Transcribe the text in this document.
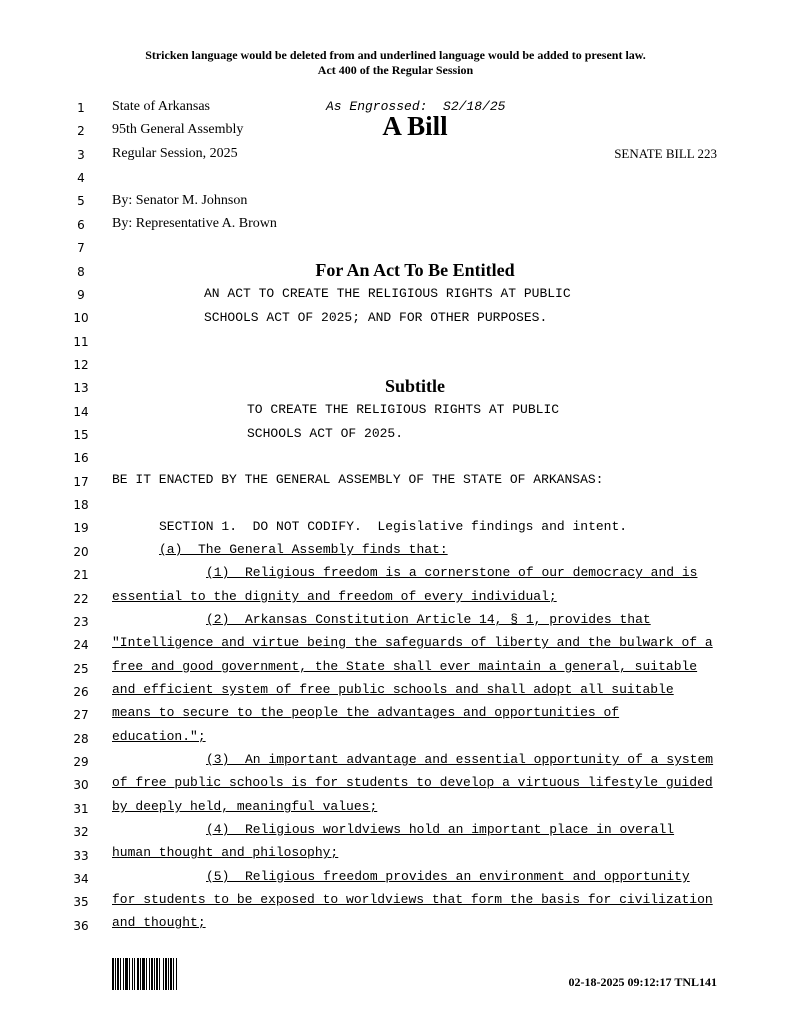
Stricken language would be deleted from and underlined language would be added to present law.
Act 400 of the Regular Session
1
2
3
4
5
6
7
8
9
10
11
12
13
14
15
16
17
18
19
20
21
22
23
24
25
26
27
28
29
30
31
32
33
34
35
36
State of Arkansas	As Engrossed:  S2/18/25
95th General Assembly	A Bill
Regular Session, 2025	SENATE BILL 223
By: Senator M. Johnson
By: Representative A. Brown
For An Act To Be Entitled
AN ACT TO CREATE THE RELIGIOUS RIGHTS AT PUBLIC
SCHOOLS ACT OF 2025; AND FOR OTHER PURPOSES.
Subtitle
TO CREATE THE RELIGIOUS RIGHTS AT PUBLIC
SCHOOLS ACT OF 2025.
BE IT ENACTED BY THE GENERAL ASSEMBLY OF THE STATE OF ARKANSAS:
SECTION 1.  DO NOT CODIFY.  Legislative findings and intent.
(a)  The General Assembly finds that:
(1)  Religious freedom is a cornerstone of our democracy and is
essential to the dignity and freedom of every individual;
(2)  Arkansas Constitution Article 14, § 1, provides that
"Intelligence and virtue being the safeguards of liberty and the bulwark of a
free and good government, the State shall ever maintain a general, suitable
and efficient system of free public schools and shall adopt all suitable
means to secure to the people the advantages and opportunities of
education.";
(3)  An important advantage and essential opportunity of a system
of free public schools is for students to develop a virtuous lifestyle guided
by deeply held, meaningful values;
(4)  Religious worldviews hold an important place in overall
human thought and philosophy;
(5)  Religious freedom provides an environment and opportunity
for students to be exposed to worldviews that form the basis for civilization
and thought;
02-18-2025 09:12:17 TNL141
